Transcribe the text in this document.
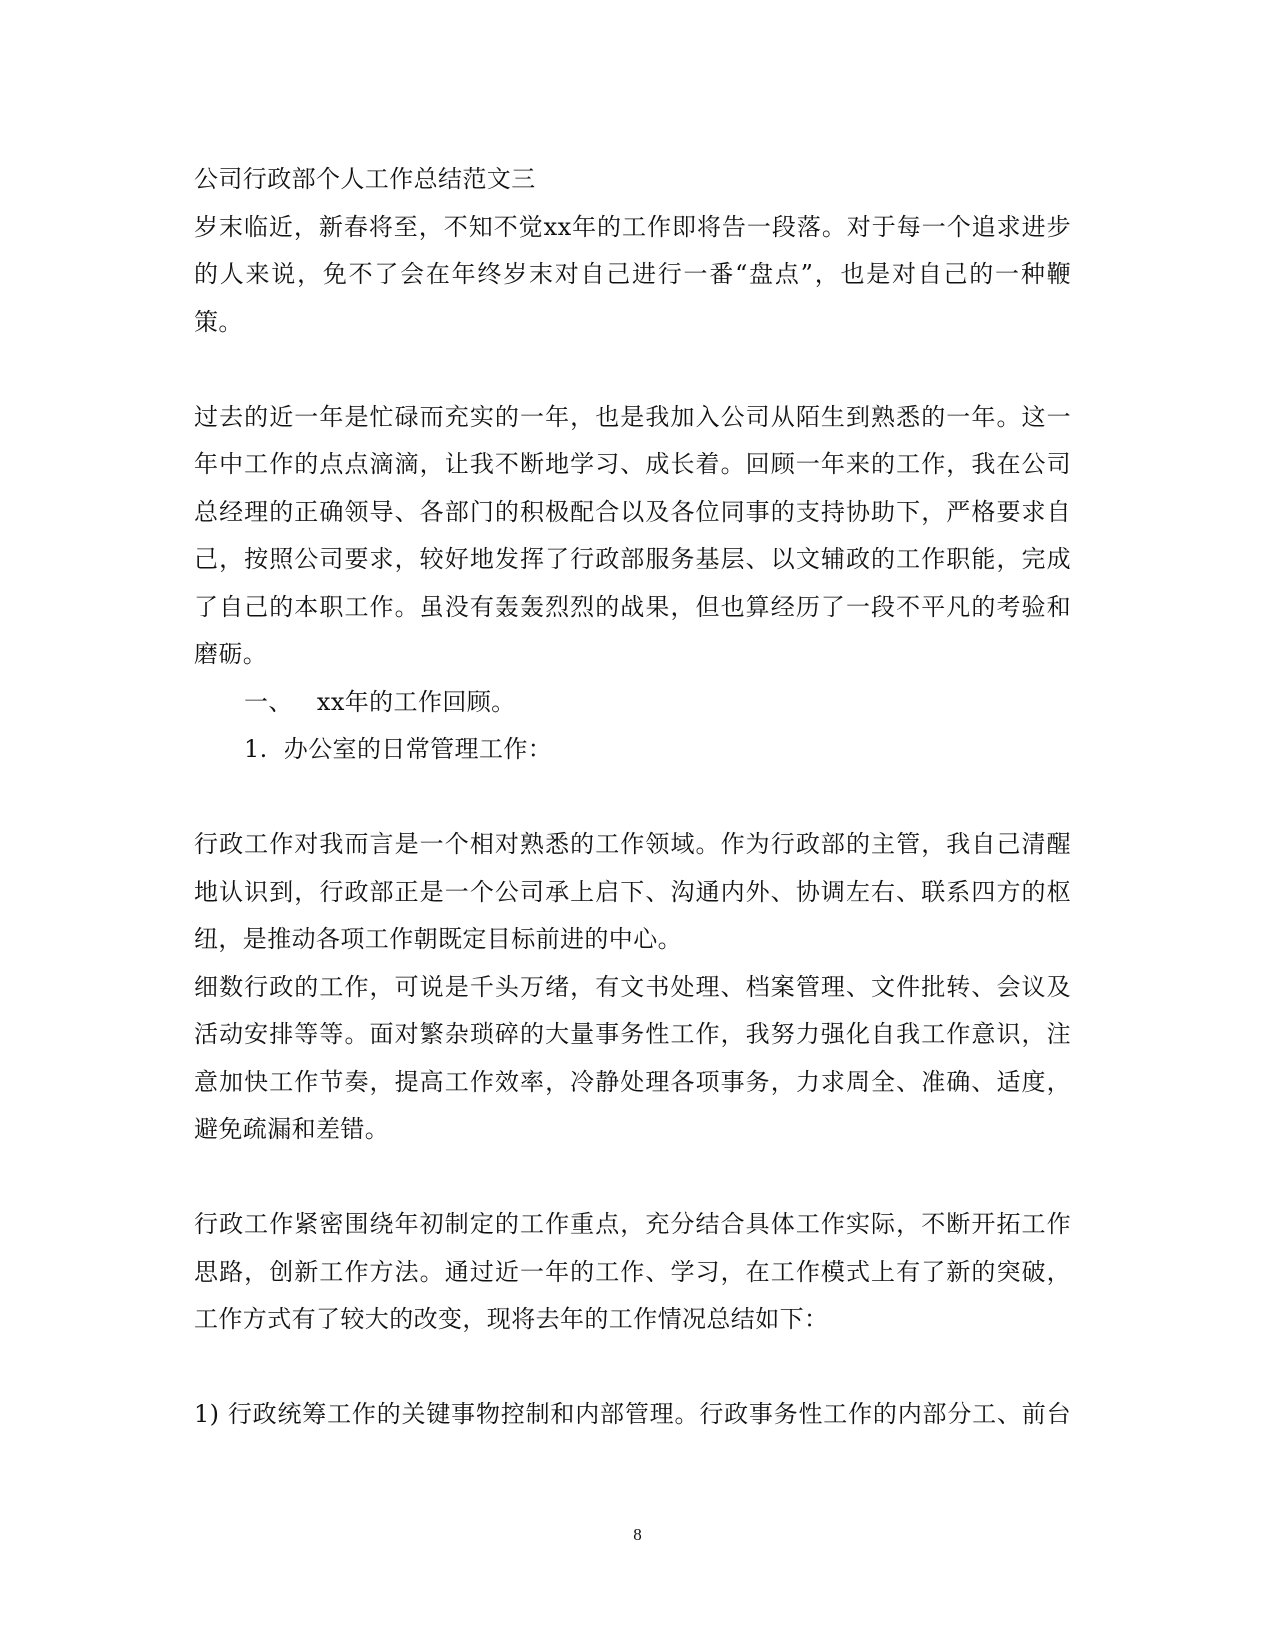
公司行政部个人工作总结范文三
岁末临近，新春将至，不知不觉xx年的工作即将告一段落。对于每一个追求进步
的人来说，免不了会在年终岁末对自己进行一番“盘点”，也是对自己的一种鞭
策。
过去的近一年是忙碌而充实的一年，也是我加入公司从陌生到熟悉的一年。这一
年中工作的点点滴滴，让我不断地学习、成长着。回顾一年来的工作，我在公司
总经理的正确领导、各部门的积极配合以及各位同事的支持协助下，严格要求自
己，按照公司要求，较好地发挥了行政部服务基层、以文辅政的工作职能，完成
了自己的本职工作。虽没有轰轰烈烈的战果，但也算经历了一段不平凡的考验和
磨砺。
一、   xx年的工作回顾。
1.  办公室的日常管理工作：
行政工作对我而言是一个相对熟悉的工作领域。作为行政部的主管，我自己清醒
地认识到，行政部正是一个公司承上启下、沟通内外、协调左右、联系四方的枢
纽，是推动各项工作朝既定目标前进的中心。
细数行政的工作，可说是千头万绪，有文书处理、档案管理、文件批转、会议及
活动安排等等。面对繁杂琐碎的大量事务性工作，我努力强化自我工作意识，注
意加快工作节奏，提高工作效率，冷静处理各项事务，力求周全、准确、适度，
避免疏漏和差错。
行政工作紧密围绕年初制定的工作重点，充分结合具体工作实际，不断开拓工作
思路，创新工作方法。通过近一年的工作、学习，在工作模式上有了新的突破，
工作方式有了较大的改变，现将去年的工作情况总结如下：
1) 行政统筹工作的关键事物控制和内部管理。行政事务性工作的内部分工、前台
8
